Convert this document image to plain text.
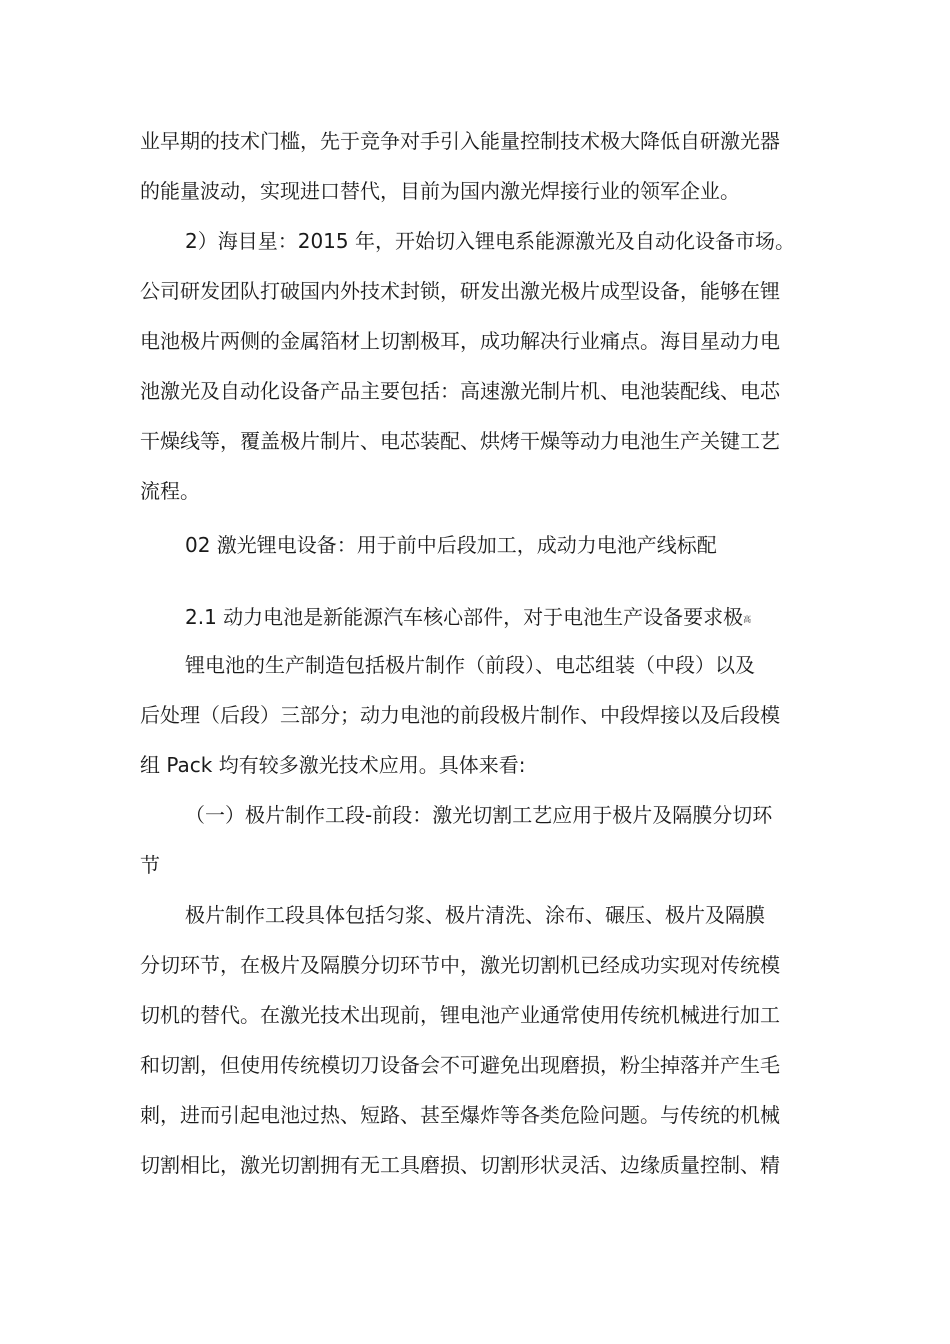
业早期的技术门槛，先于竞争对手引入能量控制技术极大降低自研激光器
的能量波动，实现进口替代，目前为国内激光焊接行业的领军企业。
2）海目星：2015 年，开始切入锂电系能源激光及自动化设备市场。
公司研发团队打破国内外技术封锁，研发出激光极片成型设备，能够在锂
电池极片两侧的金属箔材上切割极耳，成功解决行业痛点。海目星动力电
池激光及自动化设备产品主要包括：高速激光制片机、电池装配线、电芯
干燥线等，覆盖极片制片、电芯装配、烘烤干燥等动力电池生产关键工艺
流程。
02 激光锂电设备：用于前中后段加工，成动力电池产线标配
2.1 动力电池是新能源汽车核心部件，对于电池生产设备要求极高
锂电池的生产制造包括极片制作（前段）、电芯组装（中段）以及
后处理（后段）三部分；动力电池的前段极片制作、中段焊接以及后段模
组 Pack 均有较多激光技术应用。具体来看:
（一）极片制作工段-前段：激光切割工艺应用于极片及隔膜分切环
节
极片制作工段具体包括匀浆、极片清洗、涂布、碾压、极片及隔膜
分切环节，在极片及隔膜分切环节中，激光切割机已经成功实现对传统模
切机的替代。在激光技术出现前，锂电池产业通常使用传统机械进行加工
和切割，但使用传统模切刀设备会不可避免出现磨损，粉尘掉落并产生毛
刺，进而引起电池过热、短路、甚至爆炸等各类危险问题。与传统的机械
切割相比，激光切割拥有无工具磨损、切割形状灵活、边缘质量控制、精
